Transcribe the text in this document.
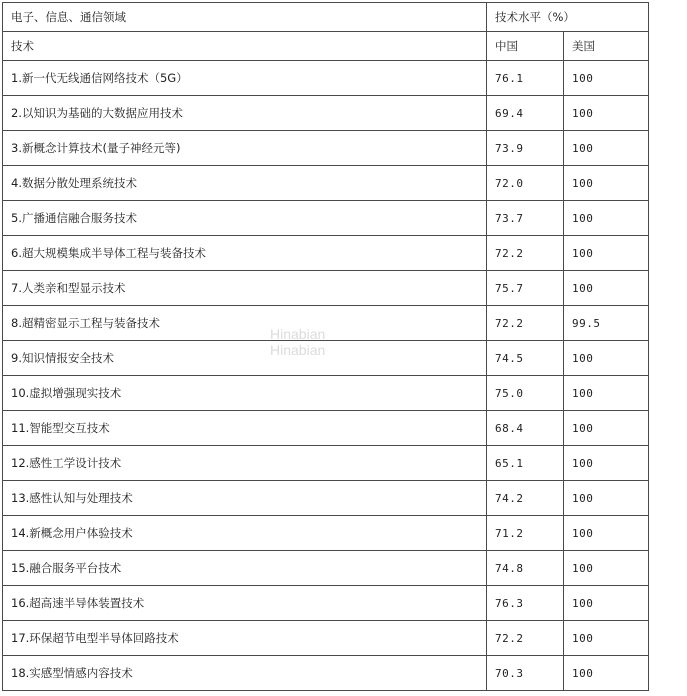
电子、信息、通信领域	技术水平（%）	
技术	中国	美国
1.新一代无线通信网络技术（5G）	76.1	100
2.以知识为基础的大数据应用技术	69.4	100
3.新概念计算技术(量子神经元等)	73.9	100
4.数据分散处理系统技术	72.0	100
5.广播通信融合服务技术	73.7	100
6.超大规模集成半导体工程与装备技术	72.2	100
7.人类亲和型显示技术	75.7	100
8.超精密显示工程与装备技术	72.2	99.5
9.知识情报安全技术	74.5	100
10.虚拟增强现实技术	75.0	100
11.智能型交互技术	68.4	100
12.感性工学设计技术	65.1	100
13.感性认知与处理技术	74.2	100
14.新概念用户体验技术	71.2	100
15.融合服务平台技术	74.8	100
16.超高速半导体装置技术	76.3	100
17.环保超节电型半导体回路技术	72.2	100
18.实感型情感内容技术	70.3	100
Hinabian
Hinabian
